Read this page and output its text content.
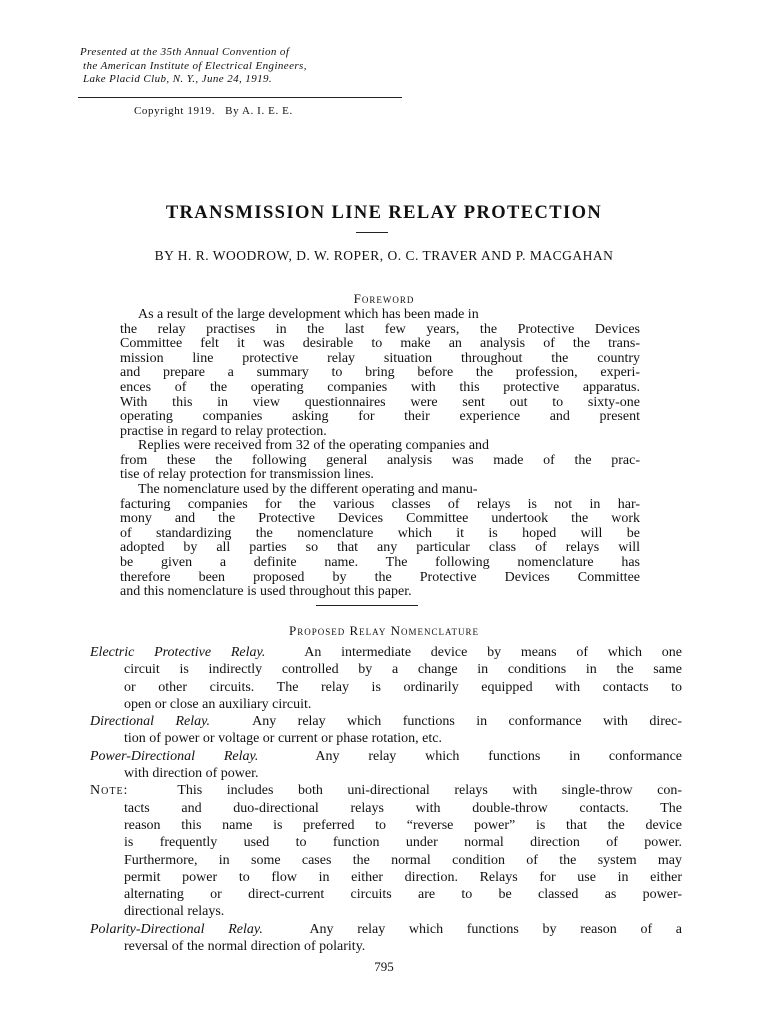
Presented at the 35th Annual Convention of
the American Institute of Electrical Engineers,
Lake Placid Club, N. Y., June 24, 1919.
Copyright 1919.   By A. I. E. E.
TRANSMISSION LINE RELAY PROTECTION
BY H. R. WOODROW, D. W. ROPER, O. C. TRAVER AND P. MACGAHAN
Foreword
As a result of the large development which has been made in
the relay practises in the last few years, the Protective Devices
Committee felt it was desirable to make an analysis of the trans-
mission line protective relay situation throughout the country
and prepare a summary to bring before the profession, experi-
ences of the operating companies with this protective apparatus.
With this in view questionnaires were sent out to sixty-one
operating companies asking for their experience and present
practise in regard to relay protection.
Replies were received from 32 of the operating companies and
from these the following general analysis was made of the prac-
tise of relay protection for transmission lines.
The nomenclature used by the different operating and manu-
facturing companies for the various classes of relays is not in har-
mony and the Protective Devices Committee undertook the work
of standardizing the nomenclature which it is hoped will be
adopted by all parties so that any particular class of relays will
be given a definite name. The following nomenclature has
therefore been proposed by the Protective Devices Committee
and this nomenclature is used throughout this paper.
Proposed Relay Nomenclature
Electric Protective Relay.	An intermediate device by means of which one
circuit is indirectly controlled by a change in conditions in the same
or other circuits. The relay is ordinarily equipped with contacts to
open or close an auxiliary circuit.
Directional Relay.	Any relay which functions in conformance with direc-
tion of power or voltage or current or phase rotation, etc.
Power-Directional Relay.	Any relay which functions in conformance
with direction of power.
Note:	This includes both uni-directional relays with single-throw con-
tacts and duo-directional relays with double-throw contacts. The
reason this name is preferred to “reverse power” is that the device
is frequently used to function under normal direction of power.
Furthermore, in some cases the normal condition of the system may
permit power to flow in either direction. Relays for use in either
alternating or direct-current circuits are to be classed as power-
directional relays.
Polarity-Directional Relay.	Any relay which functions by reason of a
reversal of the normal direction of polarity.
795
